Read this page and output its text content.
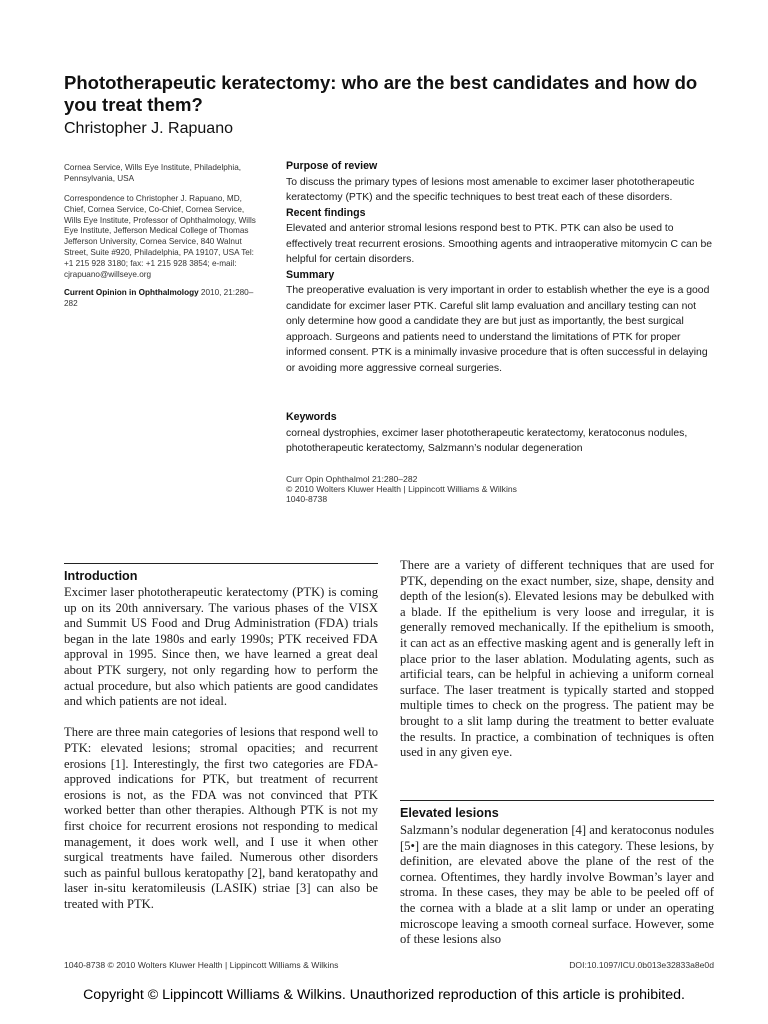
Phototherapeutic keratectomy: who are the best candidates and how do you treat them?
Christopher J. Rapuano
Cornea Service, Wills Eye Institute, Philadelphia, Pennsylvania, USA
Correspondence to Christopher J. Rapuano, MD, Chief, Cornea Service, Co-Chief, Cornea Service, Wills Eye Institute, Professor of Ophthalmology, Wills Eye Institute, Jefferson Medical College of Thomas Jefferson University, Cornea Service, 840 Walnut Street, Suite #920, Philadelphia, PA 19107, USA Tel: +1 215 928 3180; fax: +1 215 928 3854; e-mail: cjrapuano@willseye.org
Current Opinion in Ophthalmology 2010, 21:280–282
Purpose of review

To discuss the primary types of lesions most amenable to excimer laser phototherapeutic keratectomy (PTK) and the specific techniques to best treat each of these disorders.

Recent findings

Elevated and anterior stromal lesions respond best to PTK. PTK can also be used to effectively treat recurrent erosions. Smoothing agents and intraoperative mitomycin C can be helpful for certain disorders.

Summary

The preoperative evaluation is very important in order to establish whether the eye is a good candidate for excimer laser PTK. Careful slit lamp evaluation and ancillary testing can not only determine how good a candidate they are but just as importantly, the best surgical approach. Surgeons and patients need to understand the limitations of PTK for proper informed consent. PTK is a minimally invasive procedure that is often successful in delaying or avoiding more aggressive corneal surgeries.

Keywords

corneal dystrophies, excimer laser phototherapeutic keratectomy, keratoconus nodules, phototherapeutic keratectomy, Salzmann’s nodular degeneration

Curr Opin Ophthalmol 21:280–282
© 2010 Wolters Kluwer Health | Lippincott Williams & Wilkins
1040-8738
Introduction

Excimer laser phototherapeutic keratectomy (PTK) is coming up on its 20th anniversary. The various phases of the VISX and Summit US Food and Drug Administration (FDA) trials began in the late 1980s and early 1990s; PTK received FDA approval in 1995. Since then, we have learned a great deal about PTK surgery, not only regarding how to perform the actual procedure, but also which patients are good candidates and which patients are not ideal.

There are three main categories of lesions that respond well to PTK: elevated lesions; stromal opacities; and recurrent erosions [1]. Interestingly, the first two categories are FDA-approved indications for PTK, but treatment of recurrent erosions is not, as the FDA was not convinced that PTK worked better than other therapies. Although PTK is not my first choice for recurrent erosions not responding to medical management, it does work well, and I use it when other surgical treatments have failed. Numerous other disorders such as painful bullous keratopathy [2], band keratopathy and laser in-situ keratomileusis (LASIK) striae [3] can also be treated with PTK.

There are a variety of different techniques that are used for PTK, depending on the exact number, size, shape, density and depth of the lesion(s). Elevated lesions may be debulked with a blade. If the epithelium is very loose and irregular, it is generally removed mechanically. If the epithelium is smooth, it can act as an effective masking agent and is generally left in place prior to the laser ablation. Modulating agents, such as artificial tears, can be helpful in achieving a uniform corneal surface. The laser treatment is typically started and stopped multiple times to check on the progress. The patient may be brought to a slit lamp during the treatment to better evaluate the results. In practice, a combination of techniques is often used in any given eye.

Elevated lesions

Salzmann’s nodular degeneration [4] and keratoconus nodules [5•] are the main diagnoses in this category. These lesions, by definition, are elevated above the plane of the rest of the cornea. Oftentimes, they hardly involve Bowman’s layer and stroma. In these cases, they may be able to be peeled off of the cornea with a blade at a slit lamp or under an operating microscope leaving a smooth corneal surface. However, some of these lesions also

1040-8738 © 2010 Wolters Kluwer Health | Lippincott Williams & Wilkins	DOI:10.1097/ICU.0b013e32833a8e0d
Copyright © Lippincott Williams & Wilkins. Unauthorized reproduction of this article is prohibited.
